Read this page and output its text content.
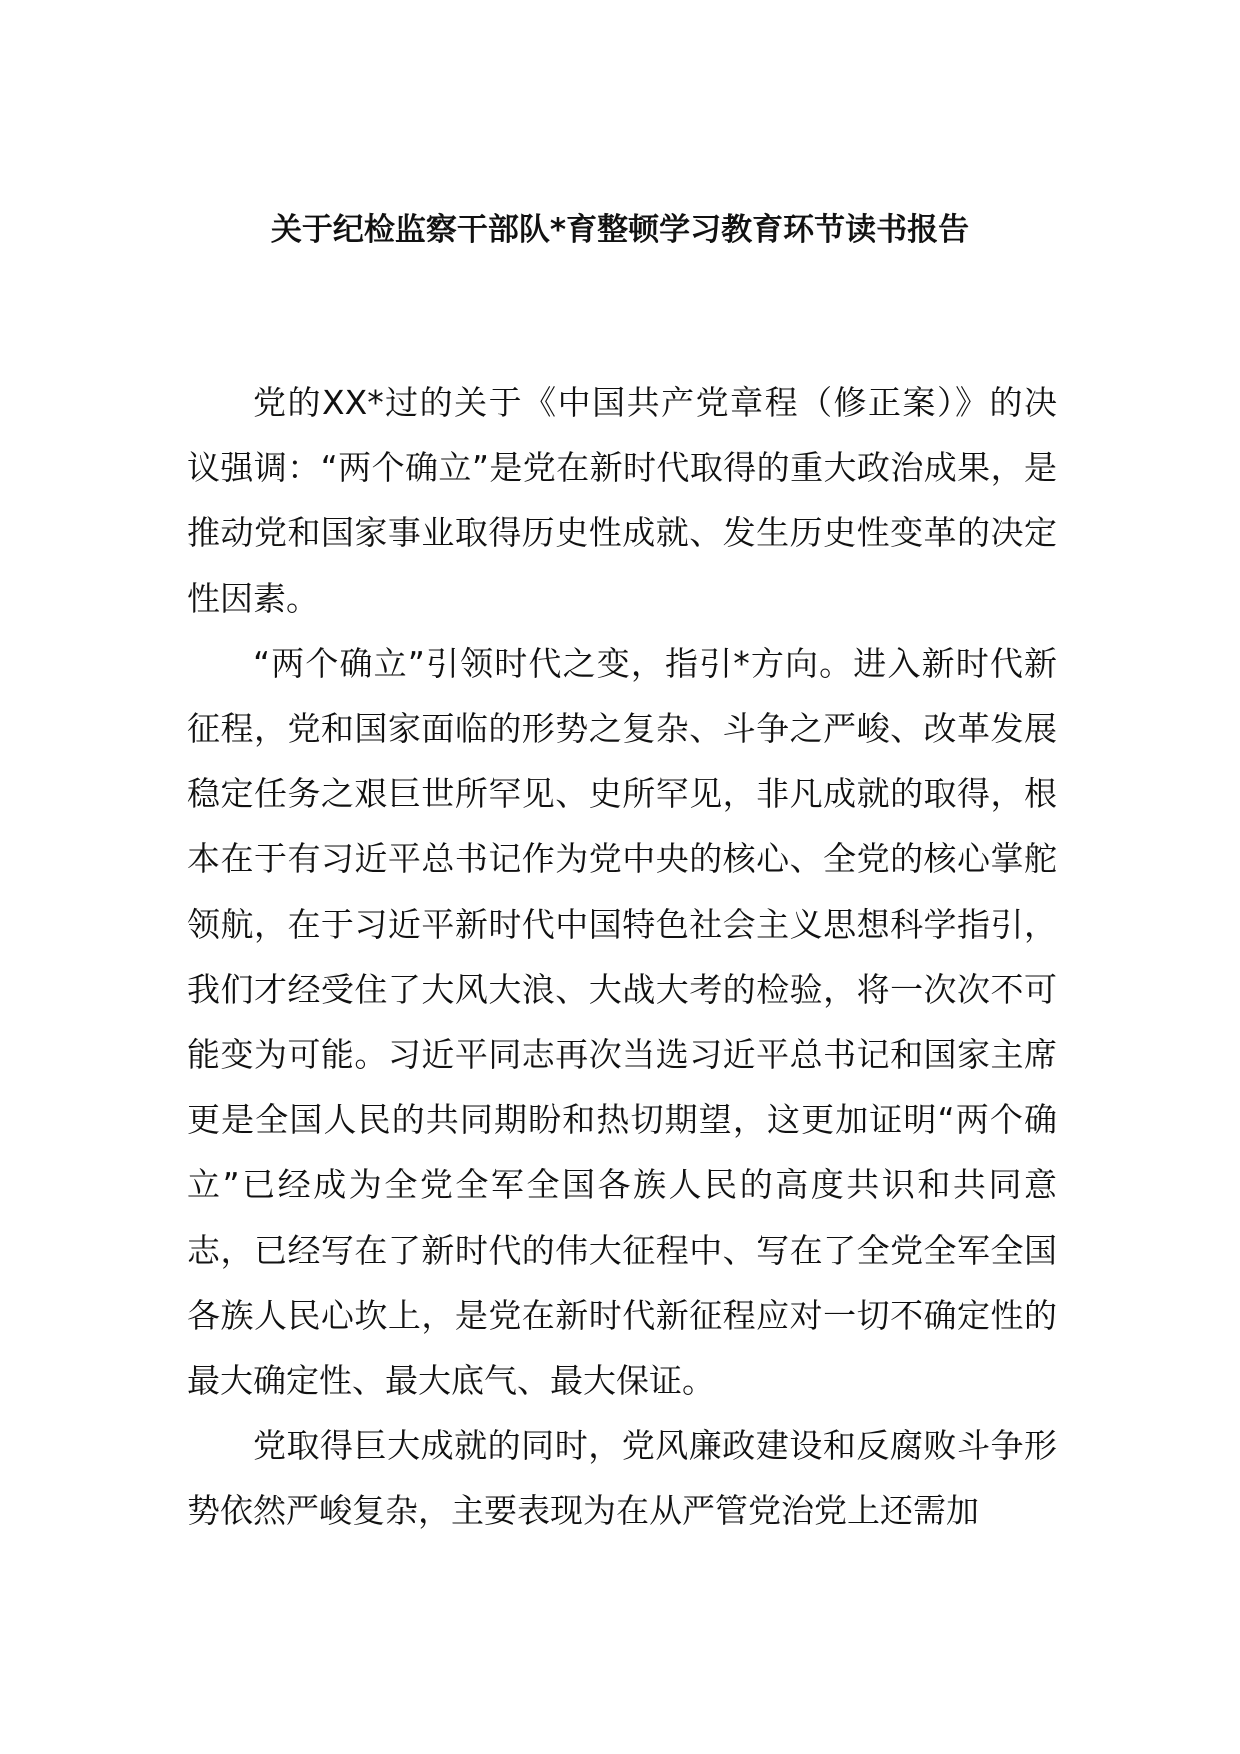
关于纪检监察干部队*育整顿学习教育环节读书报告

党的XX*过的关于《中国共产党章程（修正案）》的决议强调：“两个确立”是党在新时代取得的重大政治成果，是推动党和国家事业取得历史性成就、发生历史性变革的决定性因素。

“两个确立”引领时代之变，指引*方向。进入新时代新征程，党和国家面临的形势之复杂、斗争之严峻、改革发展稳定任务之艰巨世所罕见、史所罕见，非凡成就的取得，根本在于有习近平总书记作为党中央的核心、全党的核心掌舵领航，在于习近平新时代中国特色社会主义思想科学指引，我们才经受住了大风大浪、大战大考的检验，将一次次不可能变为可能。习近平同志再次当选习近平总书记和国家主席更是全国人民的共同期盼和热切期望，这更加证明“两个确立”已经成为全党全军全国各族人民的高度共识和共同意志，已经写在了新时代的伟大征程中、写在了全党全军全国各族人民心坎上，是党在新时代新征程应对一切不确定性的最大确定性、最大底气、最大保证。

党取得巨大成就的同时，党风廉政建设和反腐败斗争形势依然严峻复杂，主要表现为在从严管党治党上还需加
